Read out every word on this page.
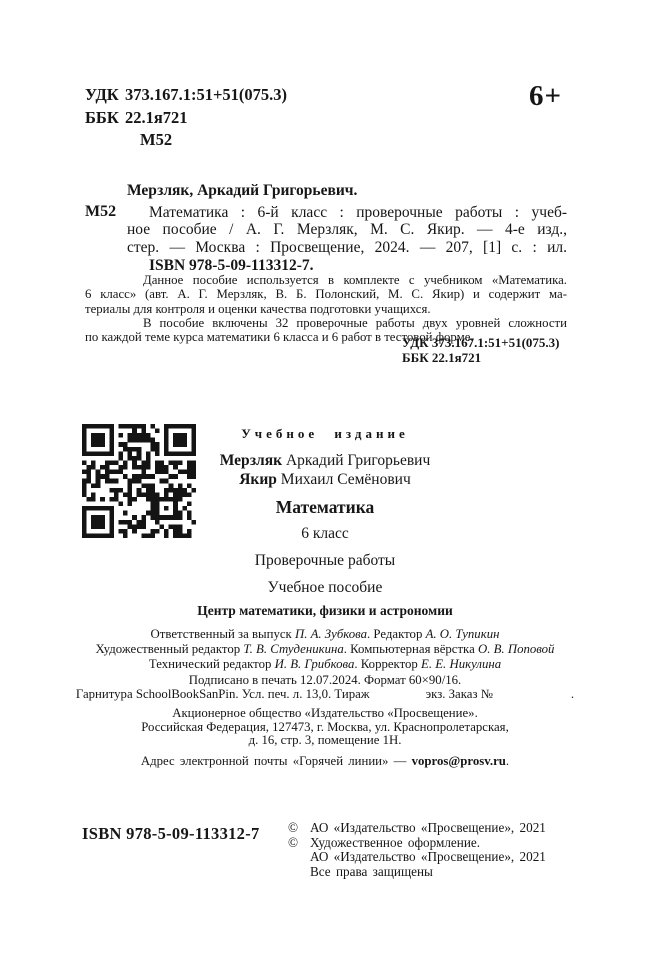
УДК 373.167.1:51+51(075.3)
ББК 22.1я721
М52
6+
М52
Мерзляк, Аркадий Григорьевич.
Математика : 6-й класс : проверочные работы : учеб-
ное пособие / А. Г. Мерзляк, М. С. Якир. — 4-е изд.,
стер. — Москва : Просвещение, 2024. — 207, [1] с. : ил.
ISBN 978-5-09-113312-7.
Данное пособие используется в комплекте с учебником «Математика.
6 класс» (авт. А. Г. Мерзляк, В. Б. Полонский, М. С. Якир) и содержит ма-
териалы для контроля и оценки качества подготовки учащихся.
В пособие включены 32 проверочные работы двух уровней сложности
по каждой теме курса математики 6 класса и 6 работ в тестовой форме.
УДК 373.167.1:51+51(075.3)
ББК 22.1я721
Учебное издание
Мерзляк Аркадий Григорьевич
Якир Михаил Семёнович
Математика
6 класс
Проверочные работы
Учебное пособие
Центр математики, физики и астрономии
Ответственный за выпуск П. А. Зубкова. Редактор А. О. Тупикин
Художественный редактор Т. В. Студеникина. Компьютерная вёрстка О. В. Поповой
Технический редактор И. В. Грибкова. Корректор Е. Е. Никулина
Подписано в печать 12.07.2024. Формат 60×90/16.
Гарнитура SchoolBookSanPin. Усл. печ. л. 13,0. Тираж	экз. Заказ №	.
Акционерное общество «Издательство «Просвещение».
Российская Федерация, 127473, г. Москва, ул. Краснопролетарская,
д. 16, стр. 3, помещение 1Н.
Адрес электронной почты «Горячей линии» — vopros@prosv.ru.
ISBN 978-5-09-113312-7 © АО «Издательство «Просвещение», 2021
© Художественное оформление.
АО «Издательство «Просвещение», 2021
Все права защищены
